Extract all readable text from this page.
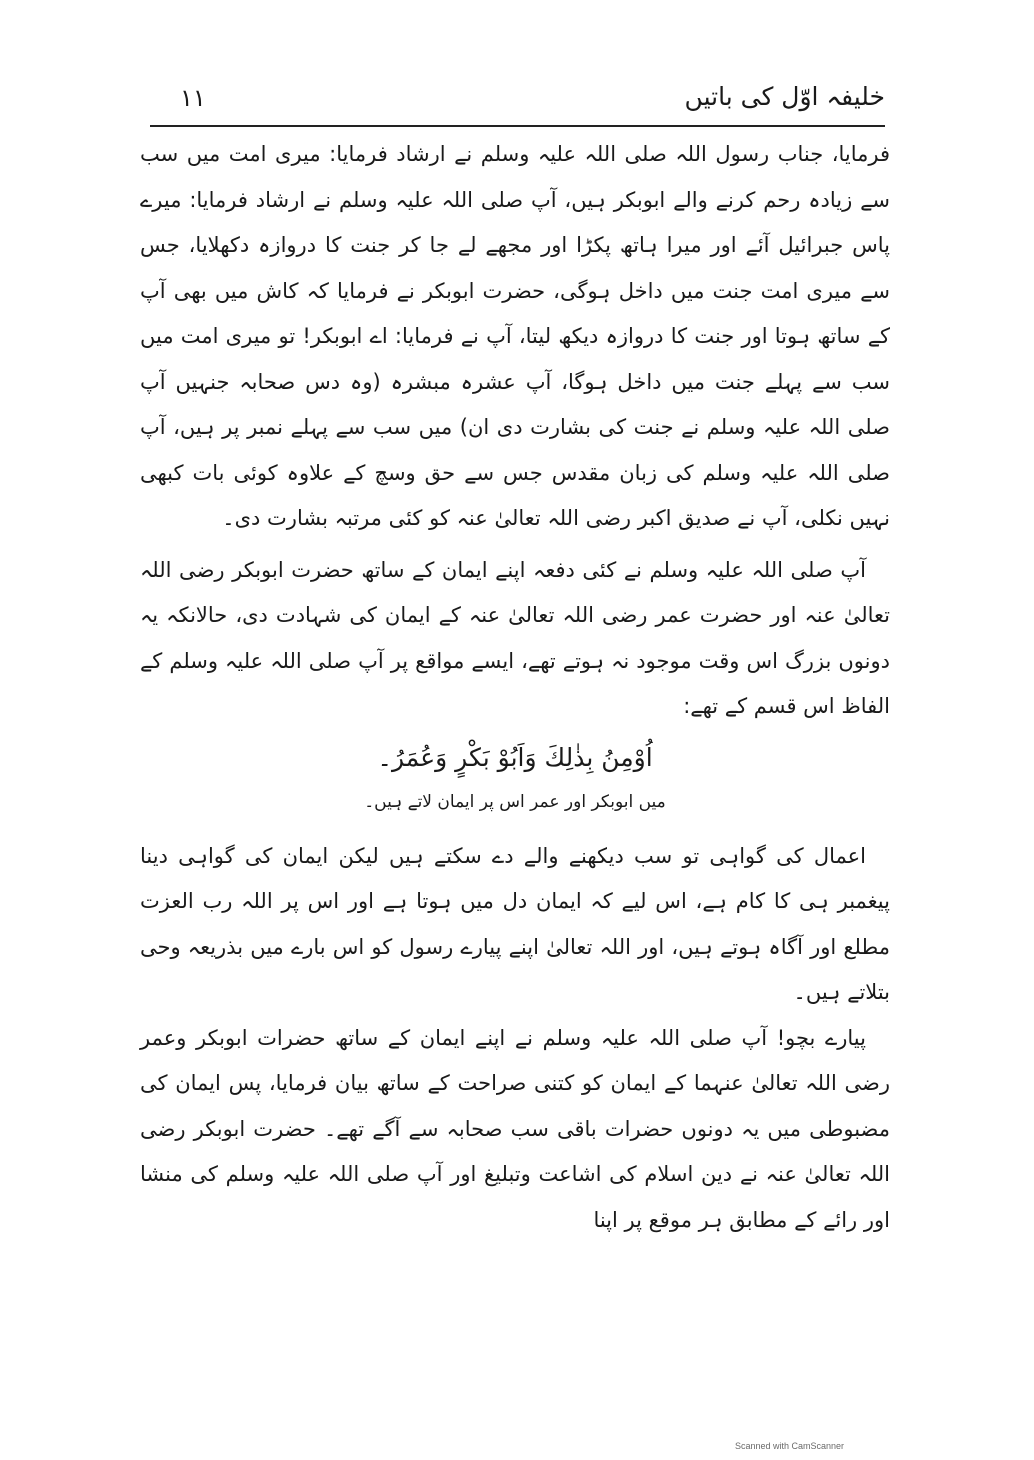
خلیفہ اوّل کی باتیں
۱۱

فرمایا، جناب رسول اللہ صلی اللہ علیہ وسلم نے ارشاد فرمایا: میری امت میں سب سے زیادہ رحم کرنے والے ابوبکر ہیں، آپ صلی اللہ علیہ وسلم نے ارشاد فرمایا: میرے پاس جبرائیل آئے اور میرا ہاتھ پکڑا اور مجھے لے جا کر جنت کا دروازہ دکھلایا، جس سے میری امت جنت میں داخل ہوگی، حضرت ابوبکر نے فرمایا کہ کاش میں بھی آپ کے ساتھ ہوتا اور جنت کا دروازہ دیکھ لیتا، آپ نے فرمایا: اے ابوبکر! تو میری امت میں سب سے پہلے جنت میں داخل ہوگا، آپ عشرہ مبشرہ (وہ دس صحابہ جنہیں آپ صلی اللہ علیہ وسلم نے جنت کی بشارت دی ان) میں سب سے پہلے نمبر پر ہیں، آپ صلی اللہ علیہ وسلم کی زبان مقدس جس سے حق وسچ کے علاوہ کوئی بات کبھی نہیں نکلی، آپ نے صدیق اکبر رضی اللہ تعالیٰ عنہ کو کئی مرتبہ بشارت دی۔

آپ صلی اللہ علیہ وسلم نے کئی دفعہ اپنے ایمان کے ساتھ حضرت ابوبکر رضی اللہ تعالیٰ عنہ اور حضرت عمر رضی اللہ تعالیٰ عنہ کے ایمان کی شہادت دی، حالانکہ یہ دونوں بزرگ اس وقت موجود نہ ہوتے تھے، ایسے مواقع پر آپ صلی اللہ علیہ وسلم کے الفاظ اس قسم کے تھے:

اُوْمِنُ بِذٰلِكَ وَاَبُوْ بَكْرٍ وَعُمَرُ۔

میں ابوبکر اور عمر اس پر ایمان لاتے ہیں۔

اعمال کی گواہی تو سب دیکھنے والے دے سکتے ہیں لیکن ایمان کی گواہی دینا پیغمبر ہی کا کام ہے، اس لیے کہ ایمان دل میں ہوتا ہے اور اس پر اللہ رب العزت مطلع اور آگاہ ہوتے ہیں، اور اللہ تعالیٰ اپنے پیارے رسول کو اس بارے میں بذریعہ وحی بتلاتے ہیں۔

پیارے بچو! آپ صلی اللہ علیہ وسلم نے اپنے ایمان کے ساتھ حضرات ابوبکر وعمر رضی اللہ تعالیٰ عنہما کے ایمان کو کتنی صراحت کے ساتھ بیان فرمایا، پس ایمان کی مضبوطی میں یہ دونوں حضرات باقی سب صحابہ سے آگے تھے۔ حضرت ابوبکر رضی اللہ تعالیٰ عنہ نے دین اسلام کی اشاعت وتبلیغ اور آپ صلی اللہ علیہ وسلم کی منشا اور رائے کے مطابق ہر موقع پر اپنا

Scanned with CamScanner
